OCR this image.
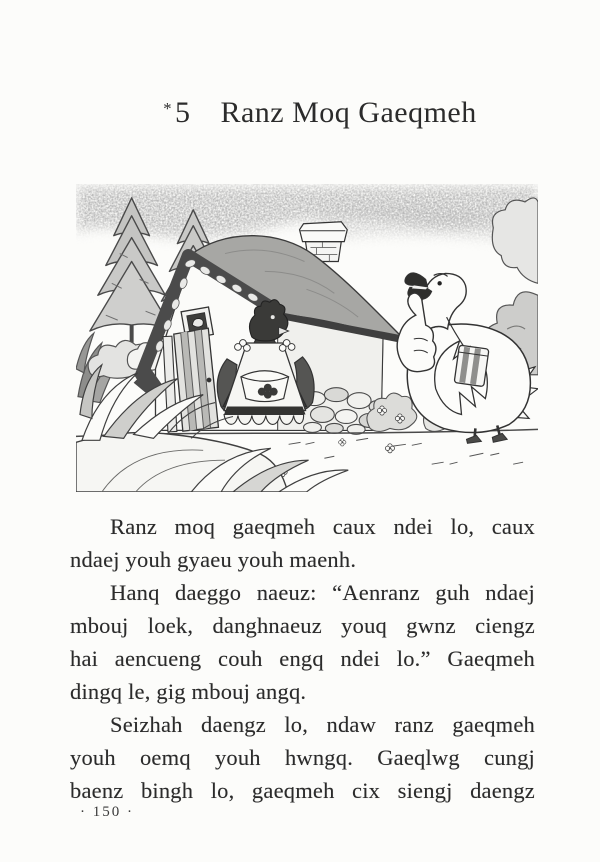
* 5 Ranz Moq Gaeqmeh
Ranz moq gaeqmeh caux ndei lo, caux
ndaej youh gyaeu youh maenh.
Hanq daeggo naeuz: “Aenranz guh ndaej
mbouj loek, danghnaeuz youq gwnz ciengz
hai aencueng couh engq ndei lo.” Gaeqmeh
dingq le, gig mbouj angq.
Seizhah daengz lo, ndaw ranz gaeqmeh
youh oemq youh hwngq. Gaeqlwg cungj
baenz bingh lo, gaeqmeh cix siengj daengz
· 150 ·
